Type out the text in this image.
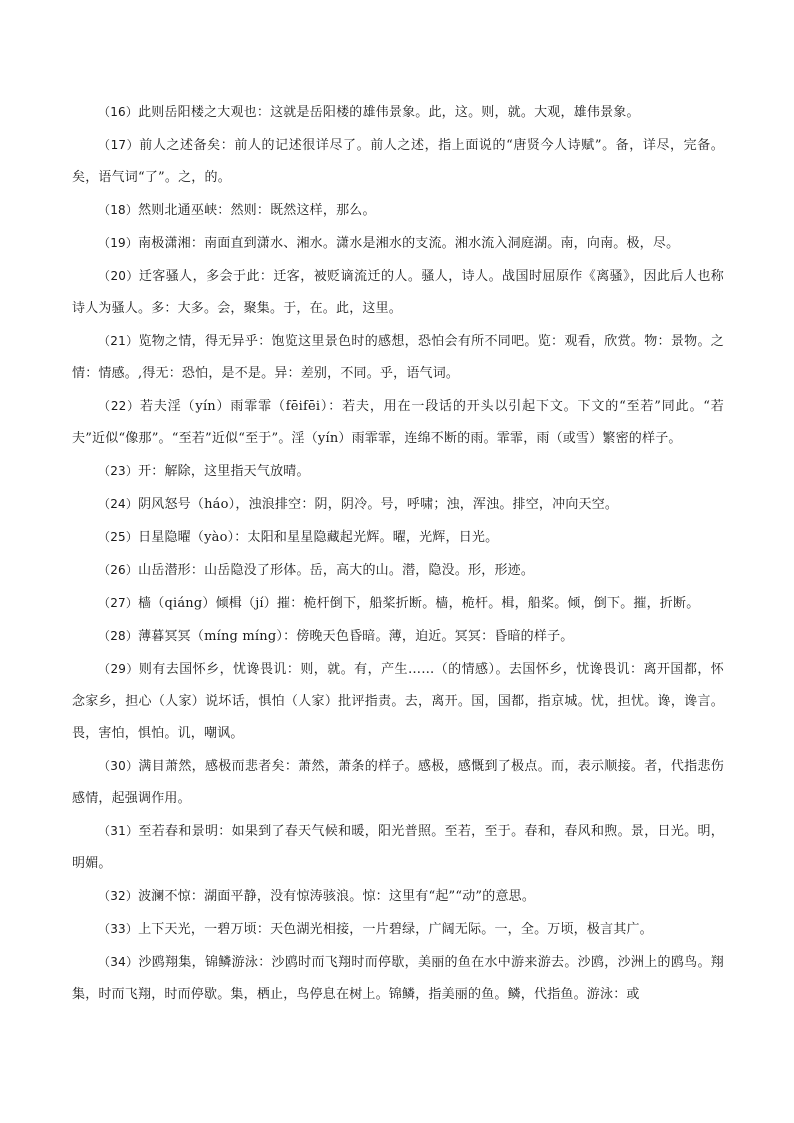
（16）此则岳阳楼之大观也：这就是岳阳楼的雄伟景象。此，这。则，就。大观，雄伟景象。

（17）前人之述备矣：前人的记述很详尽了。前人之述，指上面说的“唐贤今人诗赋”。备，详尽，完备。矣，语气词“了”。之，的。

（18）然则北通巫峡：然则：既然这样，那么。

（19）南极潇湘：南面直到潇水、湘水。潇水是湘水的支流。湘水流入洞庭湖。南，向南。极，尽。

（20）迁客骚人，多会于此：迁客，被贬谪流迁的人。骚人，诗人。战国时屈原作《离骚》，因此后人也称诗人为骚人。多：大多。会，聚集。于，在。此，这里。

（21）览物之情，得无异乎：饱览这里景色时的感想，恐怕会有所不同吧。览：观看，欣赏。物：景物。之情：情感。,得无：恐怕，是不是。异：差别，不同。乎，语气词。

（22）若夫淫（yín）雨霏霏（fēifēi）：若夫，用在一段话的开头以引起下文。下文的“至若”同此。“若夫”近似“像那”。“至若”近似“至于”。淫（yín）雨霏霏，连绵不断的雨。霏霏，雨（或雪）繁密的样子。

（23）开：解除，这里指天气放晴。

（24）阴风怒号（háo），浊浪排空：阴，阴冷。号，呼啸；浊，浑浊。排空，冲向天空。

（25）日星隐曜（yào）：太阳和星星隐藏起光辉。曜，光辉，日光。

（26）山岳潜形：山岳隐没了形体。岳，高大的山。潜，隐没。形，形迹。

（27）樯（qiáng）倾楫（jí）摧：桅杆倒下，船桨折断。樯，桅杆。楫，船桨。倾，倒下。摧，折断。

（28）薄暮冥冥（míng míng）：傍晚天色昏暗。薄，迫近。冥冥：昏暗的样子。

（29）则有去国怀乡，忧谗畏讥：则，就。有，产生……（的情感）。去国怀乡，忧谗畏讥：离开国都，怀念家乡，担心（人家）说坏话，惧怕（人家）批评指责。去，离开。国，国都，指京城。忧，担忧。谗，谗言。畏，害怕，惧怕。讥，嘲讽。

（30）满目萧然，感极而悲者矣：萧然，萧条的样子。感极，感慨到了极点。而，表示顺接。者，代指悲伤感情，起强调作用。

（31）至若春和景明：如果到了春天气候和暖，阳光普照。至若，至于。春和，春风和煦。景，日光。明，明媚。

（32）波澜不惊：湖面平静，没有惊涛骇浪。惊：这里有“起”“动”的意思。

（33）上下天光，一碧万顷：天色湖光相接，一片碧绿，广阔无际。一，全。万顷，极言其广。

（34）沙鸥翔集，锦鳞游泳：沙鸥时而飞翔时而停歇，美丽的鱼在水中游来游去。沙鸥，沙洲上的鸥鸟。翔集，时而飞翔，时而停歇。集，栖止，鸟停息在树上。锦鳞，指美丽的鱼。鳞，代指鱼。游泳：或
